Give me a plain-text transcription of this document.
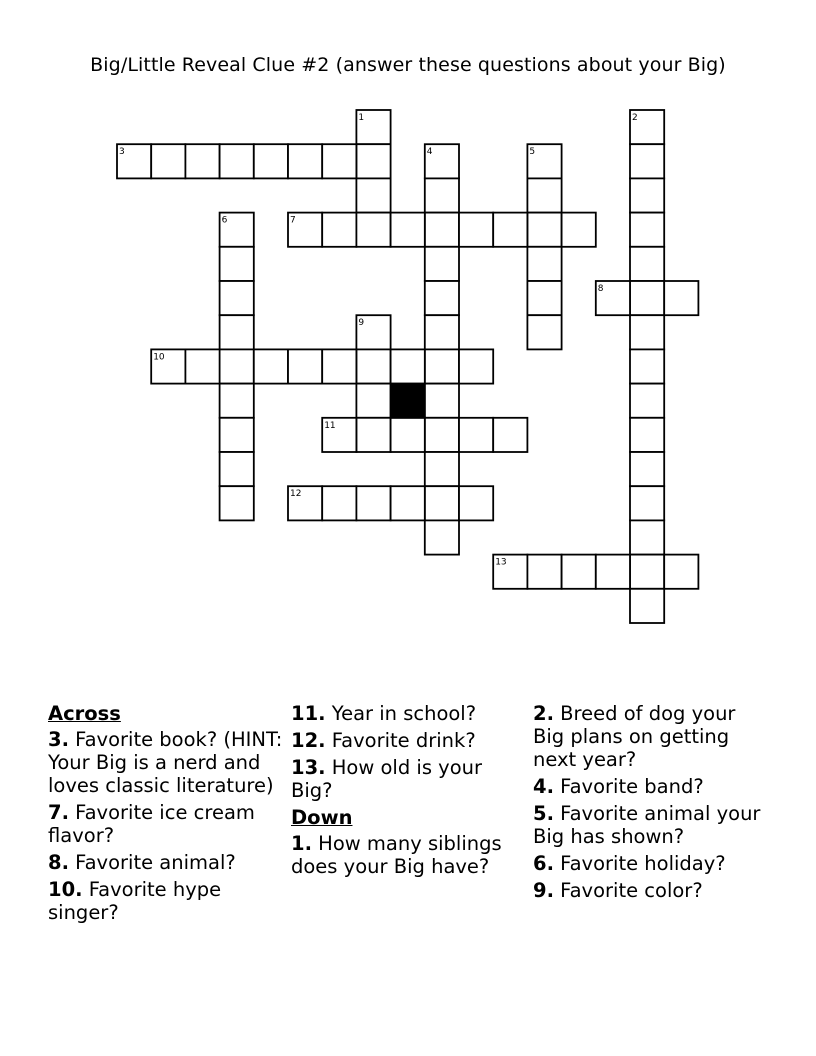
Big/Little Reveal Clue #2 (answer these questions about your Big)
1	2
3	4	5
6	7
8
9
10
11
12
13
Across
3. Favorite book? (HINT: Your Big is a nerd and loves classic literature)
7. Favorite ice cream flavor?
8. Favorite animal?
10. Favorite hype singer?
11. Year in school?
12. Favorite drink?
13. How old is your Big?
Down
1. How many siblings does your Big have?
2. Breed of dog your Big plans on getting next year?
4. Favorite band?
5. Favorite animal your Big has shown?
6. Favorite holiday?
9. Favorite color?
